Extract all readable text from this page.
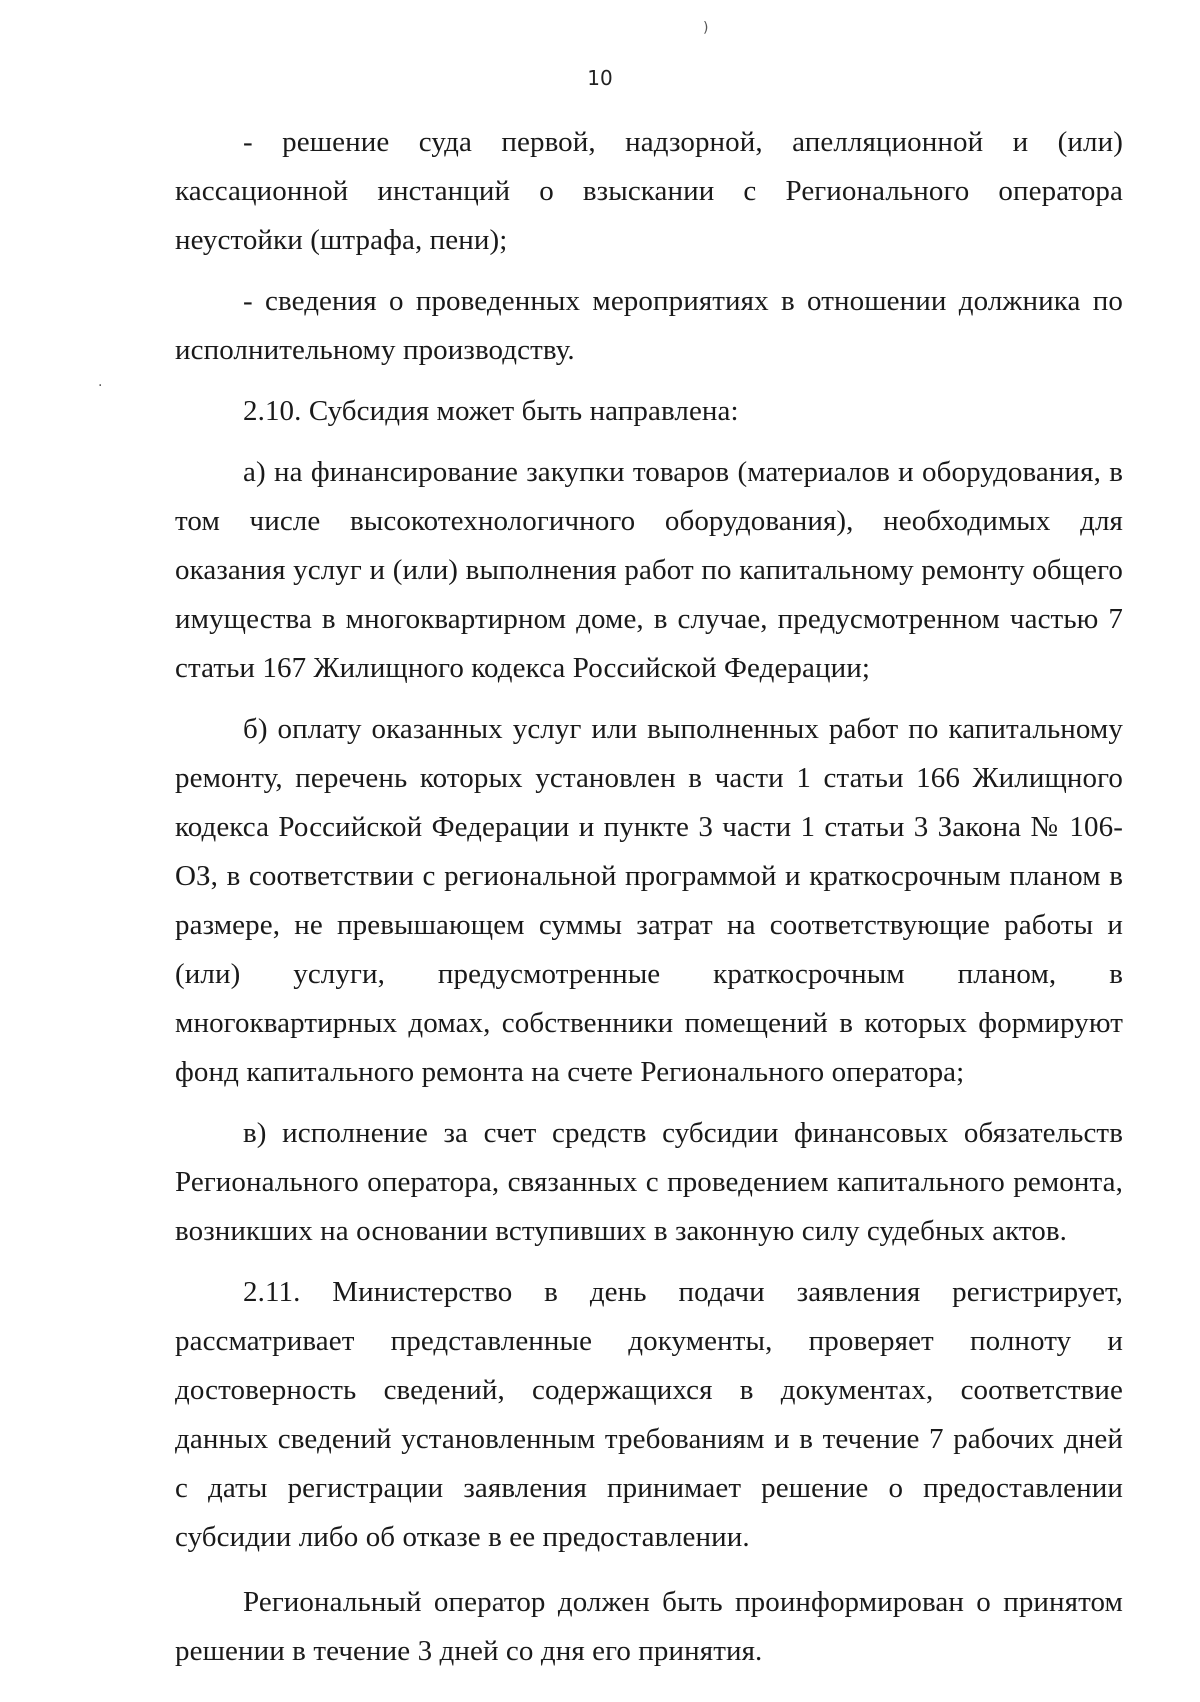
)
·
10

- решение суда первой, надзорной, апелляционной и (или) кассационной инстанций о взыскании с Регионального оператора неустойки (штрафа, пени);

- сведения о проведенных мероприятиях в отношении должника по исполнительному производству.

2.10. Субсидия может быть направлена:

а) на финансирование закупки товаров (материалов и оборудования, в том числе высокотехнологичного оборудования), необходимых для оказания услуг и (или) выполнения работ по капитальному ремонту общего имущества в многоквартирном доме, в случае, предусмотренном частью 7 статьи 167 Жилищного кодекса Российской Федерации;

б) оплату оказанных услуг или выполненных работ по капитальному ремонту, перечень которых установлен в части 1 статьи 166 Жилищного кодекса Российской Федерации и пункте 3 части 1 статьи 3 Закона № 106-ОЗ, в соответствии с региональной программой и краткосрочным планом в размере, не превышающем суммы затрат на соответствующие работы и (или) услуги, предусмотренные краткосрочным планом, в многоквартирных домах, собственники помещений в которых формируют фонд капитального ремонта на счете Регионального оператора;

в) исполнение за счет средств субсидии финансовых обязательств Регионального оператора, связанных с проведением капитального ремонта, возникших на основании вступивших в законную силу судебных актов.

2.11. Министерство в день подачи заявления регистрирует, рассматривает представленные документы, проверяет полноту и достоверность сведений, содержащихся в документах, соответствие данных сведений установленным требованиям и в течение 7 рабочих дней с даты регистрации заявления принимает решение о предоставлении субсидии либо об отказе в ее предоставлении.

Региональный оператор должен быть проинформирован о принятом решении в течение 3 дней со дня его принятия.
